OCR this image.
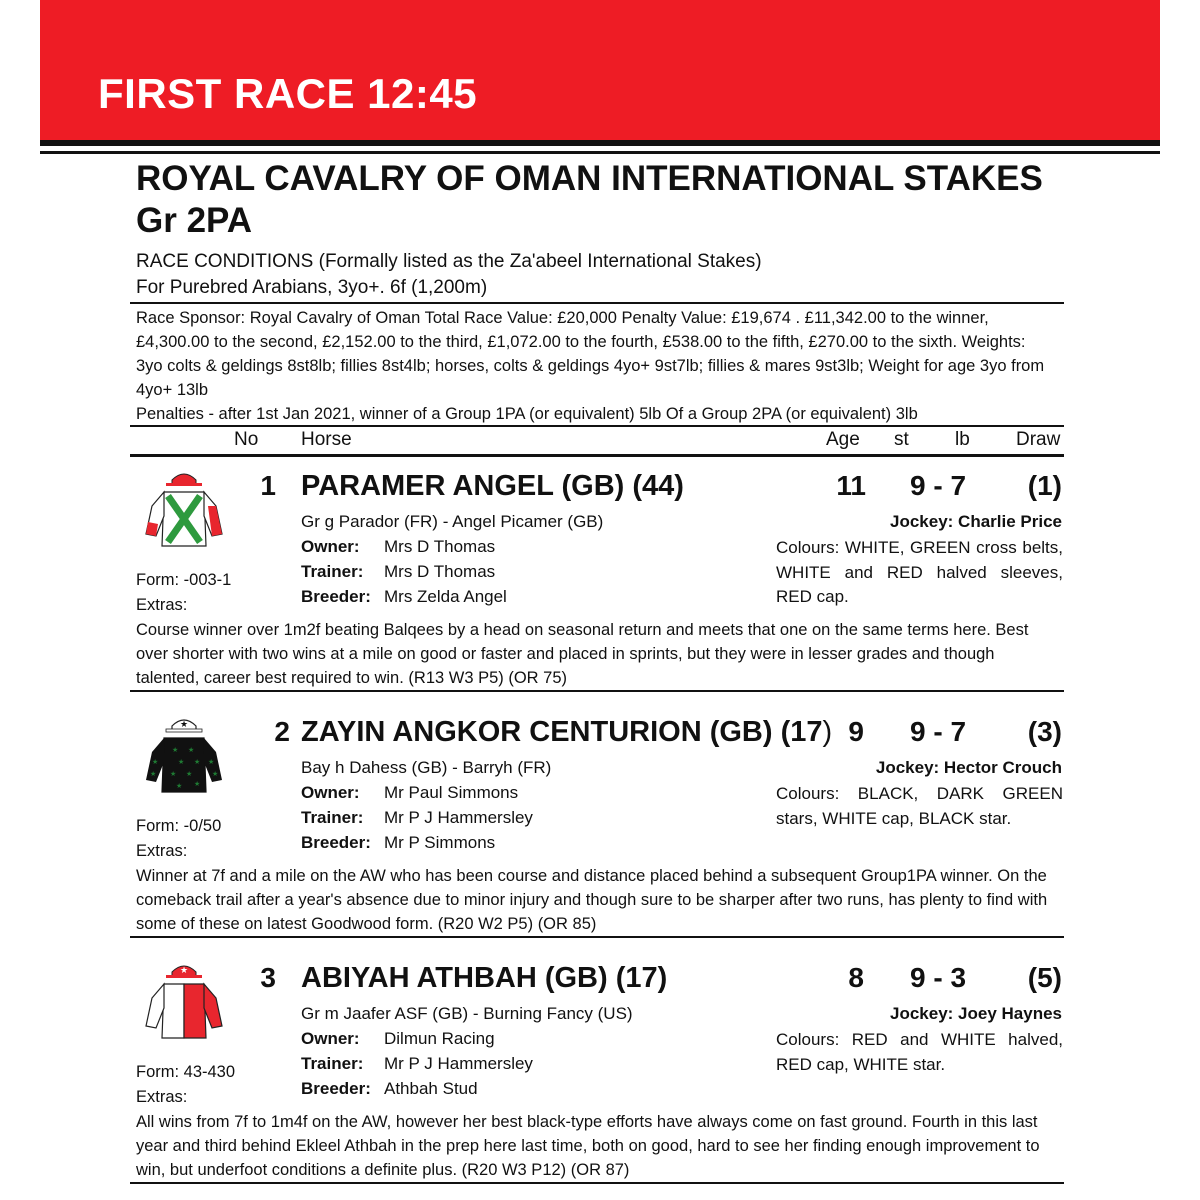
FIRST RACE 12:45
ROYAL CAVALRY OF OMAN INTERNATIONAL STAKES
Gr 2PA
RACE CONDITIONS (Formally listed as the Za'abeel International Stakes)
For Purebred Arabians, 3yo+. 6f (1,200m)
Race Sponsor: Royal Cavalry of Oman Total Race Value: £20,000 Penalty Value: £19,674 . £11,342.00 to the winner, £4,300.00 to the second, £2,152.00 to the third, £1,072.00 to the fourth, £538.00 to the fifth, £270.00 to the sixth. Weights: 3yo colts & geldings 8st8lb; fillies 8st4lb; horses, colts & geldings 4yo+ 9st7lb; fillies & mares 9st3lb; Weight for age 3yo from 4yo+ 13lb
Penalties - after 1st Jan 2021, winner of a Group 1PA (or equivalent) 5lb Of a Group 2PA (or equivalent) 3lb
No Horse	Age st lb Draw
Form: -003-1
Extras:
1 PARAMER ANGEL (GB) (44)	11 9 - 7	(1)
Gr g Parador (FR) - Angel Picamer (GB)	Jockey: Charlie Price
Owner: Mrs D Thomas
Trainer: Mrs D Thomas
Breeder: Mrs Zelda Angel
Colours: WHITE, GREEN cross belts, WHITE and RED halved sleeves, RED cap.
Course winner over 1m2f beating Balqees by a head on seasonal return and meets that one on the same terms here. Best over shorter with two wins at a mile on good or faster and placed in sprints, but they were in lesser grades and though talented, career best required to win. (R13 W3 P5) (OR 75)
★
★ ★
★ ★
★ ★
★ ★
★	★
★	★
Form: -0/50
Extras:
2 ZAYIN ANGKOR CENTURION (GB) (17) 9 9 - 7	(3)
Bay h Dahess (GB) - Barryh (FR)	Jockey: Hector Crouch
Owner: Mr Paul Simmons
Trainer: Mr P J Hammersley
Breeder: Mr P Simmons
Colours: BLACK, DARK GREEN stars, WHITE cap, BLACK star.
Winner at 7f and a mile on the AW who has been course and distance placed behind a subsequent Group1PA winner. On the comeback trail after a year's absence due to minor injury and though sure to be sharper after two runs, has plenty to find with some of these on latest Goodwood form. (R20 W2 P5) (OR 85)
★
Form: 43-430
Extras:
3 ABIYAH ATHBAH (GB) (17)	8 9 - 3	(5)
Gr m Jaafer ASF (GB) - Burning Fancy (US)	Jockey: Joey Haynes
Owner: Dilmun Racing
Trainer: Mr P J Hammersley
Breeder: Athbah Stud
Colours: RED and WHITE halved, RED cap, WHITE star.
All wins from 7f to 1m4f on the AW, however her best black-type efforts have always come on fast ground. Fourth in this last year and third behind Ekleel Athbah in the prep here last time, both on good, hard to see her finding enough improvement to win, but underfoot conditions a definite plus. (R20 W3 P12) (OR 87)
